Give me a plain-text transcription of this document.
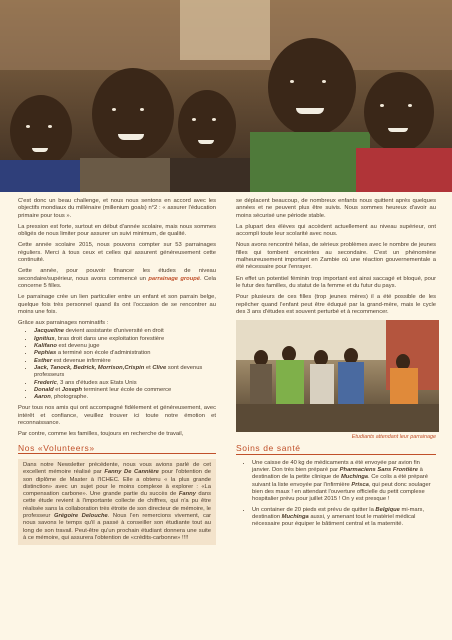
C'est donc un beau challenge, et nous nous sentons en accord avec les objectifs mondiaux du millénaire (millenium goals) n°2 : « assurer l'éducation primaire pour tous ».

La pression est forte, surtout en début d'année scolaire, mais nous sommes obligés de nous limiter pour assurer un suivi minimum, de qualité.

Cette année scolaire 2015, nous pouvons compter sur 53 parrainages réguliers. Merci à tous ceux et celles qui assurent généreusement cette continuité.

Cette année, pour pouvoir financer les études de niveau secondaire/supérieur, nous avons commencé un parrainage groupé. Cela concerne 5 filles.

Le parrainage crée un lien particulier entre un enfant et son parrain belge, quelque fois très personnel quand ils ont l'occasion de se rencontrer au moins une fois.

Grâce aux parrainages nominatifs :

• Jacqueline devient assistante d'université en droit
• Ignitius, bras droit dans une exploitation forestière
• Kalifano est devenu juge
• Pephias a terminé son école d'administration
• Esther est devenue infirmière
• Jack, Tanock, Bedrick, Morrison,Crispin et Clive sont devenus professeurs
• Frederic, 3 ans d'études aux Etats Unis
• Donald et Joseph terminent leur école de commerce
• Aaron, photographe.

Pour tous nos amis qui ont accompagné fidèlement et généreusement, avec intérêt et confiance, veuillez trouver ici toute notre émotion et reconnaissance.

Par contre, comme les familles, toujours en recherche de travail,

Nos «Volunteers»

Dans notre Newsletter précédente, nous vous avions parlé de cet excellent mémoire réalisé par Fanny De Cannière pour l'obtention de son diplôme de Master à l'ICHEC. Elle a obtenu « la plus grande distinction» avec un sujet pour le moins complexe à explorer : «La compensation carbone». Une grande partie du succès de Fanny dans cette étude revient à l'importante collecte de chiffres, qui n'a pu être réalisée sans la collaboration très étroite de son directeur de mémoire, le professeur Grégoire Delouche. Nous l'en remercions vivement, car nous savons le temps qu'il a passé à conseiller son étudiante tout au long de son travail. Peut-être qu'un prochain étudiant donnera une suite à ce mémoire, qui assurera l'obtention de «crédits-carbonne» !!!!

se déplacent beaucoup, de nombreux enfants nous quittent après quelques années et ne peuvent plus être suivis. Nous sommes heureux d'avoir au moins sécurisé une période stable.

La plupart des élèves qui accèdent actuellement au niveau supérieur, ont accompli toute leur scolarité avec nous.

Nous avons rencontré hélas, de sérieux problèmes avec le nombre de jeunes filles qui tombent enceintes au secondaire. C'est un phénomène malheureusement important en Zambie où une réaction gouvernementale a été nécessaire pour l'enrayer.

En effet un potentiel féminin trop important est ainsi saccagé et bloqué, pour le futur des familles, du statut de la femme et du futur du pays.

Pour plusieurs de ces filles (trop jeunes mères) il a été possible de les repêcher quand l'enfant peut être éduqué par la grand-mère, mais le cycle des 3 ans d'études est souvent perturbé et à recommencer.

Etudiants attendant leur parrainage
Soins de santé
• Une caisse de 40 kg de médicaments a été envoyée par avion fin janvier. Don très bien préparé par Pharmaciens Sans Frontière à destination de la petite clinique de Muchinga. Ce colis a été préparé suivant la liste envoyée par l'infirmière Prisca, qui peut donc soulager bien des maux ! en attendant l'ouverture officielle du petit complexe hospitalier prévu pour juillet 2015 ! On y est presque !
• Un container de 20 pieds est prévu de quitter la Belgique mi-mars, destination Muchinga aussi, y amenant tout le matériel médical nécessaire pour équiper le bâtiment central et la maternité.
